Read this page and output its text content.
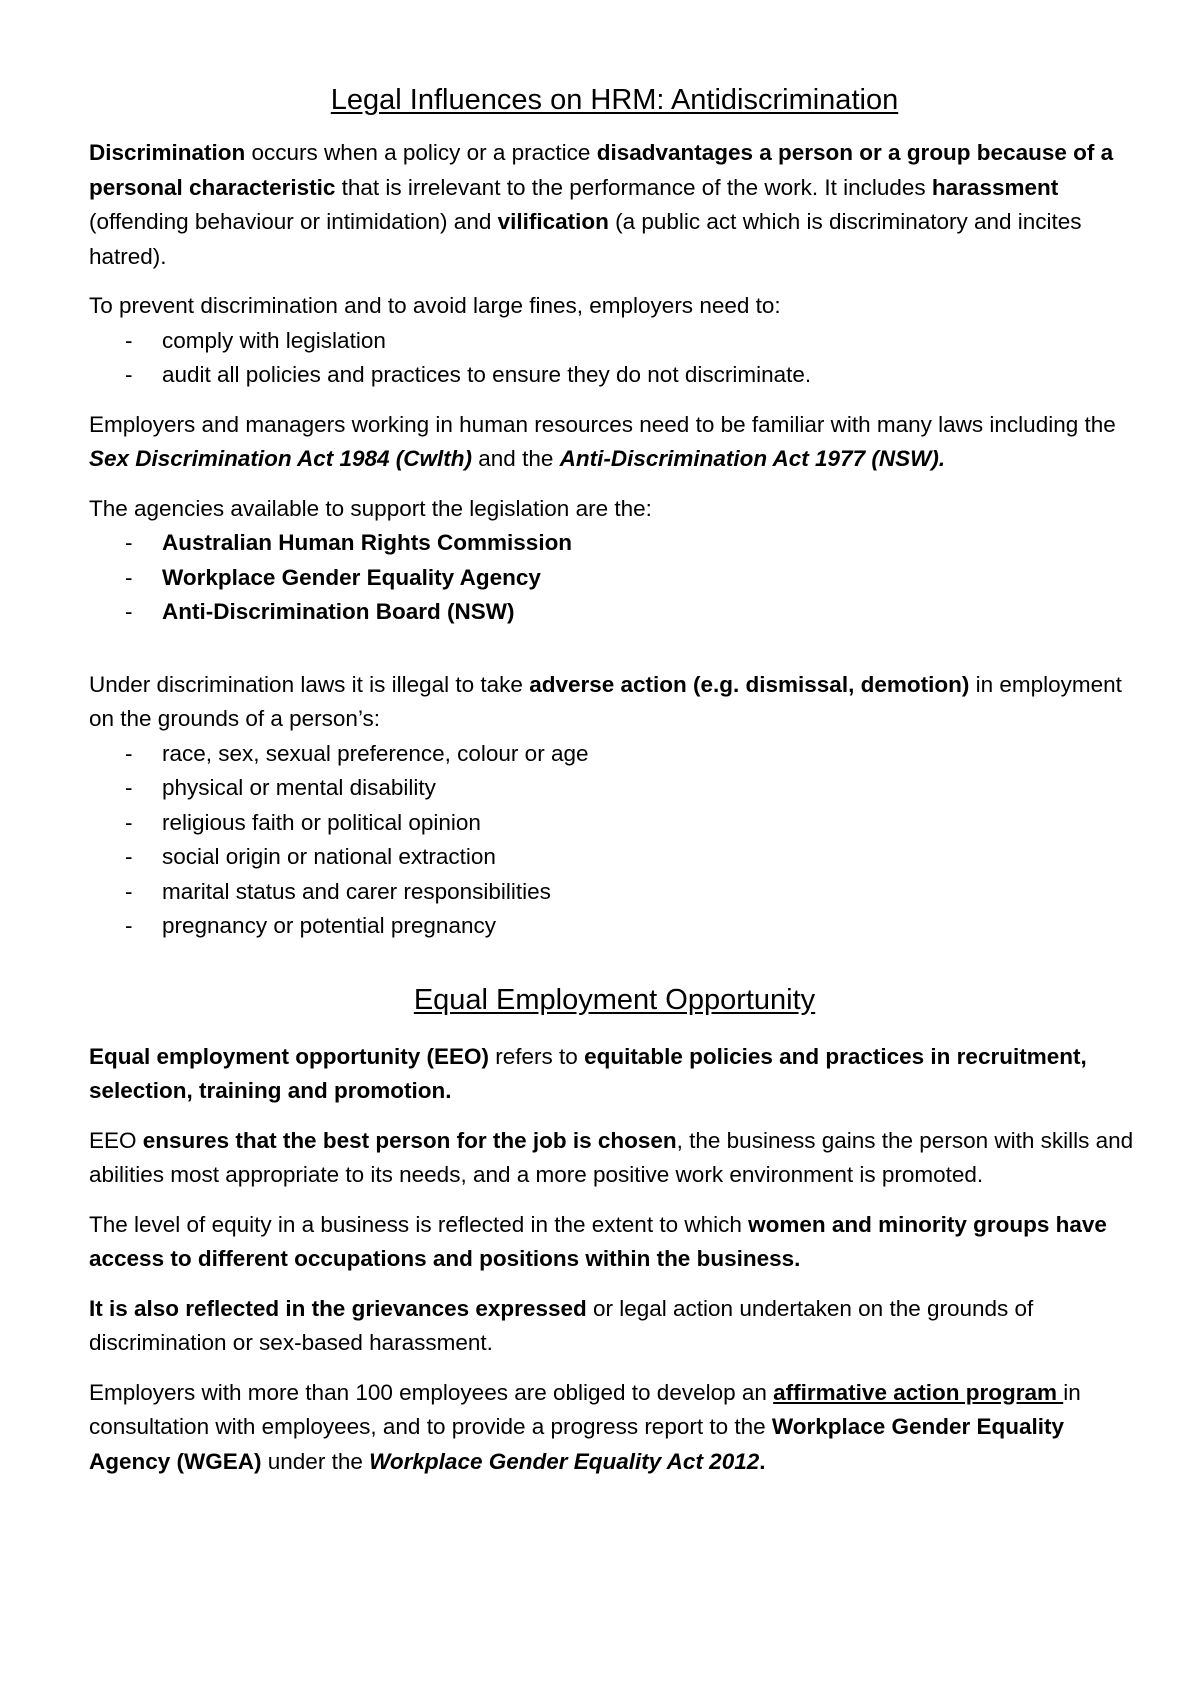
Legal Influences on HRM: Antidiscrimination

Discrimination occurs when a policy or a practice disadvantages a person or a group because of a personal characteristic that is irrelevant to the performance of the work. It includes harassment (offending behaviour or intimidation) and vilification (a public act which is discriminatory and incites hatred).

To prevent discrimination and to avoid large fines, employers need to:

- comply with legislation
- audit all policies and practices to ensure they do not discriminate.

Employers and managers working in human resources need to be familiar with many laws including the Sex Discrimination Act 1984 (Cwlth) and the Anti-Discrimination Act 1977 (NSW).

The agencies available to support the legislation are the:

- Australian Human Rights Commission
- Workplace Gender Equality Agency
- Anti-Discrimination Board (NSW)

Under discrimination laws it is illegal to take adverse action (e.g. dismissal, demotion) in employment on the grounds of a person’s:

- race, sex, sexual preference, colour or age
- physical or mental disability
- religious faith or political opinion
- social origin or national extraction
- marital status and carer responsibilities
- pregnancy or potential pregnancy
Equal Employment Opportunity

Equal employment opportunity (EEO) refers to equitable policies and practices in recruitment, selection, training and promotion.

EEO ensures that the best person for the job is chosen, the business gains the person with skills and abilities most appropriate to its needs, and a more positive work environment is promoted.

The level of equity in a business is reflected in the extent to which women and minority groups have access to different occupations and positions within the business.

It is also reflected in the grievances expressed or legal action undertaken on the grounds of discrimination or sex-based harassment.

Employers with more than 100 employees are obliged to develop an affirmative action program in consultation with employees, and to provide a progress report to the Workplace Gender Equality Agency (WGEA) under the Workplace Gender Equality Act 2012.
